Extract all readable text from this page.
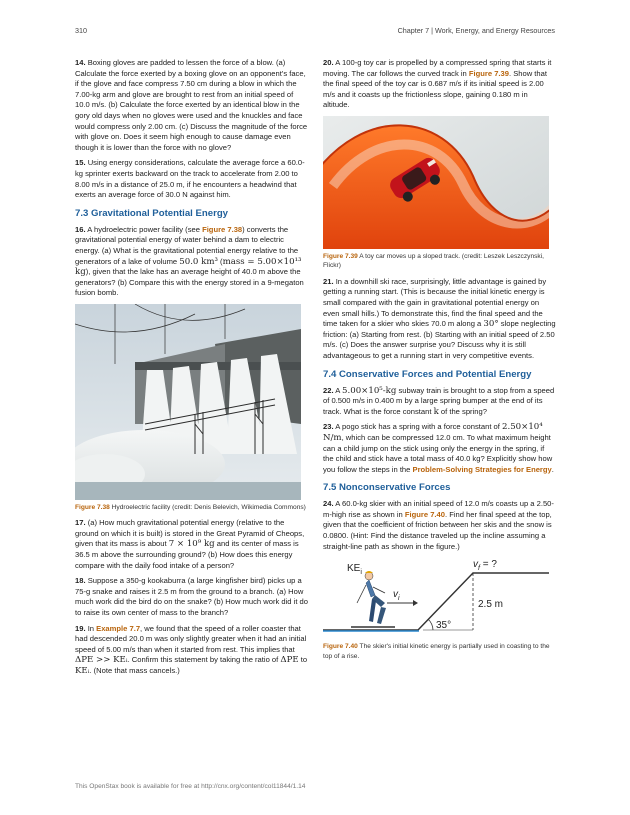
310	Chapter 7 | Work, Energy, and Energy Resources

14. Boxing gloves are padded to lessen the force of a blow. (a) Calculate the force exerted by a boxing glove on an opponent's face, if the glove and face compress 7.50 cm during a blow in which the 7.00-kg arm and glove are brought to rest from an initial speed of 10.0 m/s. (b) Calculate the force exerted by an identical blow in the gory old days when no gloves were used and the knuckles and face would compress only 2.00 cm. (c) Discuss the magnitude of the force with glove on. Does it seem high enough to cause damage even though it is lower than the force with no glove?

15. Using energy considerations, calculate the average force a 60.0-kg sprinter exerts backward on the track to accelerate from 2.00 to 8.00 m/s in a distance of 25.0 m, if he encounters a headwind that exerts an average force of 30.0 N against him.

7.3 Gravitational Potential Energy

16. A hydroelectric power facility (see Figure 7.38) converts the gravitational potential energy of water behind a dam to electric energy. (a) What is the gravitational potential energy relative to the generators of a lake of volume 50.0 km³ (mass = 5.00×10¹³ kg), given that the lake has an average height of 40.0 m above the generators? (b) Compare this with the energy stored in a 9-megaton fusion bomb.

Figure 7.38 Hydroelectric facility (credit: Denis Belevich, Wikimedia Commons)

17. (a) How much gravitational potential energy (relative to the ground on which it is built) is stored in the Great Pyramid of Cheops, given that its mass is about 7 × 10⁹ kg and its center of mass is 36.5 m above the surrounding ground? (b) How does this energy compare with the daily food intake of a person?

18. Suppose a 350-g kookaburra (a large kingfisher bird) picks up a 75-g snake and raises it 2.5 m from the ground to a branch. (a) How much work did the bird do on the snake? (b) How much work did it do to raise its own center of mass to the branch?

19. In Example 7.7, we found that the speed of a roller coaster that had descended 20.0 m was only slightly greater when it had an initial speed of 5.00 m/s than when it started from rest. This implies that ΔPE >> KEᵢ. Confirm this statement by taking the ratio of ΔPE to KEᵢ. (Note that mass cancels.)

20. A 100-g toy car is propelled by a compressed spring that starts it moving. The car follows the curved track in Figure 7.39. Show that the final speed of the toy car is 0.687 m/s if its initial speed is 2.00 m/s and it coasts up the frictionless slope, gaining 0.180 m in altitude.

Figure 7.39 A toy car moves up a sloped track. (credit: Leszek Leszczynski, Flickr)

21. In a downhill ski race, surprisingly, little advantage is gained by getting a running start. (This is because the initial kinetic energy is small compared with the gain in gravitational potential energy on even small hills.) To demonstrate this, find the final speed and the time taken for a skier who skies 70.0 m along a 30° slope neglecting friction: (a) Starting from rest. (b) Starting with an initial speed of 2.50 m/s. (c) Does the answer surprise you? Discuss why it is still advantageous to get a running start in very competitive events.

7.4 Conservative Forces and Potential Energy

22. A 5.00×10⁵-kg subway train is brought to a stop from a speed of 0.500 m/s in 0.400 m by a large spring bumper at the end of its track. What is the force constant k of the spring?

23. A pogo stick has a spring with a force constant of 2.50×10⁴ N/m, which can be compressed 12.0 cm. To what maximum height can a child jump on the stick using only the energy in the spring, if the child and stick have a total mass of 40.0 kg? Explicitly show how you follow the steps in the Problem-Solving Strategies for Energy.

7.5 Nonconservative Forces

24. A 60.0-kg skier with an initial speed of 12.0 m/s coasts up a 2.50-m-high rise as shown in Figure 7.40. Find her final speed at the top, given that the coefficient of friction between her skis and the snow is 0.0800. (Hint: Find the distance traveled up the incline assuming a straight-line path as shown in the figure.)

$KE_i$
$v_i$
$v_f$ = ?
2.5 m
35°

Figure 7.40 The skier's initial kinetic energy is partially used in coasting to the top of a rise.

This OpenStax book is available for free at http://cnx.org/content/col11844/1.14
